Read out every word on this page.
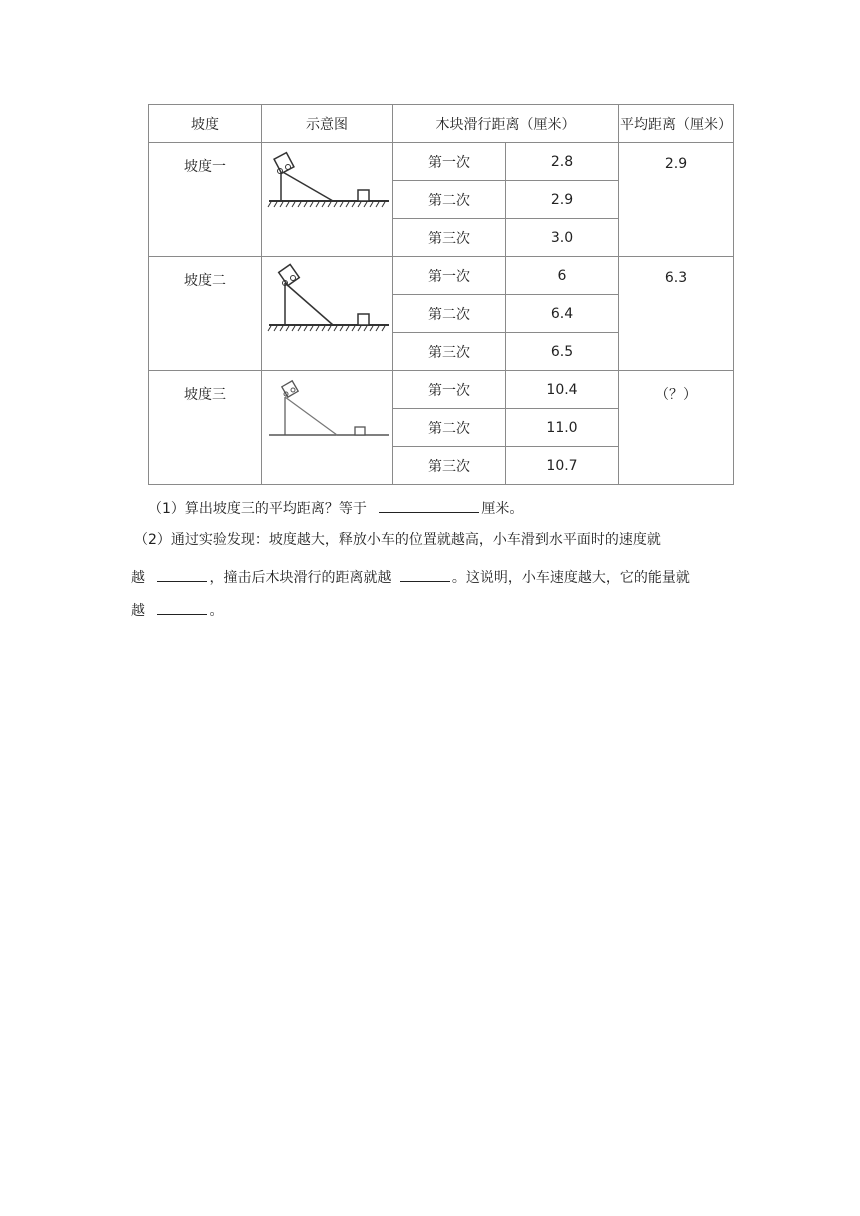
坡度	示意图	木块滑行距离（厘米）		平均距离（厘米）
坡度一		第一次	2.8	2.9
		第二次	2.9	
		第三次	3.0	
坡度二		第一次	6	6.3
		第二次	6.4	
		第三次	6.5	
坡度三		第一次	10.4	（？）
		第二次	11.0	
		第三次	10.7	
（1）算出坡度三的平均距离？等于	厘米。
（2）通过实验发现：坡度越大，释放小车的位置就越高，小车滑到水平面时的速度就
越	，撞击后木块滑行的距离就越	。这说明，小车速度越大，它的能量就
越	。
